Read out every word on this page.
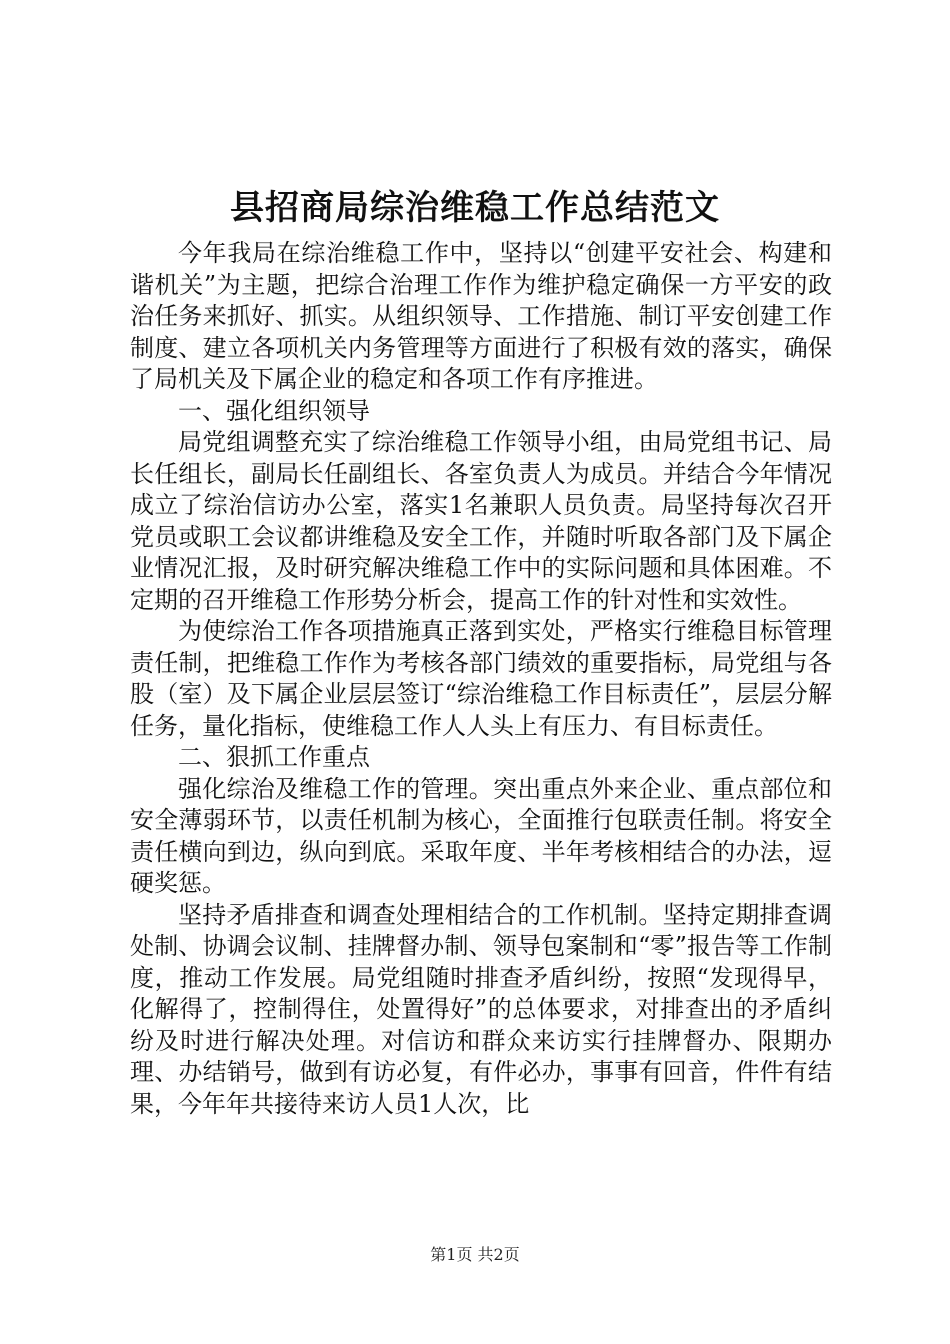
县招商局综治维稳工作总结范文

今年我局在综治维稳工作中，坚持以“创建平安社会、构建和谐机关”为主题，把综合治理工作作为维护稳定确保一方平安的政治任务来抓好、抓实。从组织领导、工作措施、制订平安创建工作制度、建立各项机关内务管理等方面进行了积极有效的落实，确保了局机关及下属企业的稳定和各项工作有序推进。

一、强化组织领导

局党组调整充实了综治维稳工作领导小组，由局党组书记、局长任组长，副局长任副组长、各室负责人为成员。并结合今年情况成立了综治信访办公室，落实1名兼职人员负责。局坚持每次召开党员或职工会议都讲维稳及安全工作，并随时听取各部门及下属企业情况汇报，及时研究解决维稳工作中的实际问题和具体困难。不定期的召开维稳工作形势分析会，提高工作的针对性和实效性。

为使综治工作各项措施真正落到实处，严格实行维稳目标管理责任制，把维稳工作作为考核各部门绩效的重要指标，局党组与各股（室）及下属企业层层签订“综治维稳工作目标责任”，层层分解任务，量化指标，使维稳工作人人头上有压力、有目标责任。

二、狠抓工作重点

强化综治及维稳工作的管理。突出重点外来企业、重点部位和安全薄弱环节，以责任机制为核心，全面推行包联责任制。将安全责任横向到边，纵向到底。采取年度、半年考核相结合的办法，逗硬奖惩。

坚持矛盾排查和调查处理相结合的工作机制。坚持定期排查调处制、协调会议制、挂牌督办制、领导包案制和“零”报告等工作制度，推动工作发展。局党组随时排查矛盾纠纷，按照“发现得早，化解得了，控制得住，处置得好”的总体要求，对排查出的矛盾纠纷及时进行解决处理。对信访和群众来访实行挂牌督办、限期办理、办结销号，做到有访必复，有件必办，事事有回音，件件有结果，今年年共接待来访人员1人次，比

第1页 共2页
